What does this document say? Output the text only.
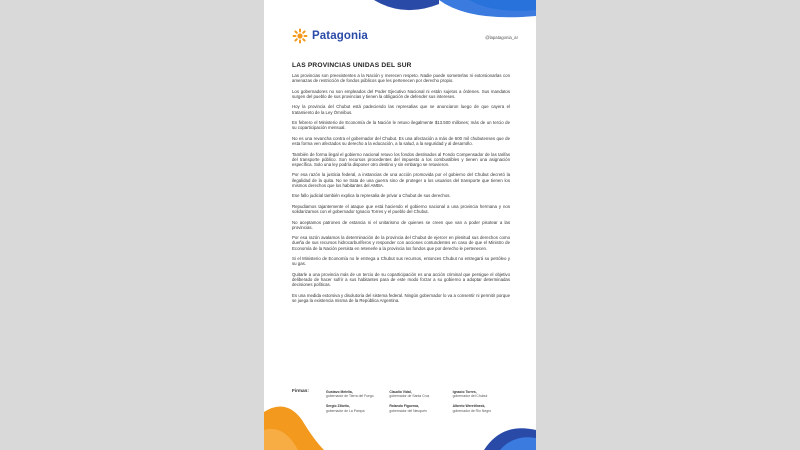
Patagonia	@lapatagonia_ar
LAS PROVINCIAS UNIDAS DEL SUR

Las provincias son preexistentes a la Nación y merecen respeto. Nadie puede someterlas ni extorsionarlas con amenazas de restricción de fondos públicos que les pertenecen por derecho propio.

Los gobernadores no son empleados del Poder Ejecutivo Nacional ni están sujetos a órdenes. Sus mandatos surgen del pueblo de sus provincias y tienen la obligación de defender sus intereses.

Hoy la provincia del Chubut está padeciendo las represalias que se anunciaron luego de que cayera el tratamiento de la Ley Ómnibus.

En febrero el Ministerio de Economía de la Nación le retuvo ilegalmente $13.500 millones; más de un tercio de su coparticipación mensual.

No es una revancha contra el gobernador del Chubut. Es una afectación a más de 600 mil chubutenses que de esta forma ven afectados su derecho a la educación, a la salud, a la seguridad y al desarrollo.

También de forma ilegal el gobierno nacional retuvo los fondos destinados al Fondo Compensador de las tarifas del transporte público. Son recursos procedentes del impuesto a los combustibles y tienen una asignación específica. Solo una ley podría disponer otro destino y sin embargo se retuvieron.

Por esa razón la justicia federal, a instancias de una acción promovida por el gobierno del Chubut decretó la ilegalidad de la quita. No se trata de una guerra sino de proteger a los usuarios del transporte que tienen los mismos derechos que los habitantes del AMBA.

Ese fallo judicial también explica la represalia de privar a Chubut de sus derechos.

Repudiamos tajantemente el ataque que está haciendo el gobierno nacional a una provincia hermana y nos solidarizamos con el gobernador Ignacio Torres y el pueblo del Chubut.

No aceptamos patrones de estancia ni el unitarismo de quienes se creen que van a poder pisotear a las provincias.

Por esa razón avalamos la determinación de la provincia del Chubut de ejercer en plenitud sus derechos como dueña de sus recursos hidrocarburíferos y responder con acciones contundentes en caso de que el Ministro de Economía de la Nación persista en retenerle a la provincia los fondos que por derecho le pertenecen.

Si el Ministerio de Economía no le entrega a Chubut sus recursos, entonces Chubut no entregará su petróleo y su gas.

Quitarle a una provincia más de un tercio de su coparticipación es una acción criminal que persigue el objetivo deliberado de hacer sufrir a sus habitantes para de este modo forzar a su gobierno a adoptar determinadas decisiones políticas.

Es una medida extorsiva y disolutoria del sistema federal. Ningún gobernador lo va a consentir ni permitir porque se juega la existencia misma de la República Argentina.

Firman:	Gustavo Melella,
gobernador de Tierra del Fuego
Claudio Vidal,
gobernador de Santa Cruz
Ignacio Torres,
gobernador del Chubut
Sergio Ziliotto,
gobernador de La Pampa
Rolando Figueroa,
gobernador del Neuquén
Alberto Weretilneck,
gobernador de Río Negro
